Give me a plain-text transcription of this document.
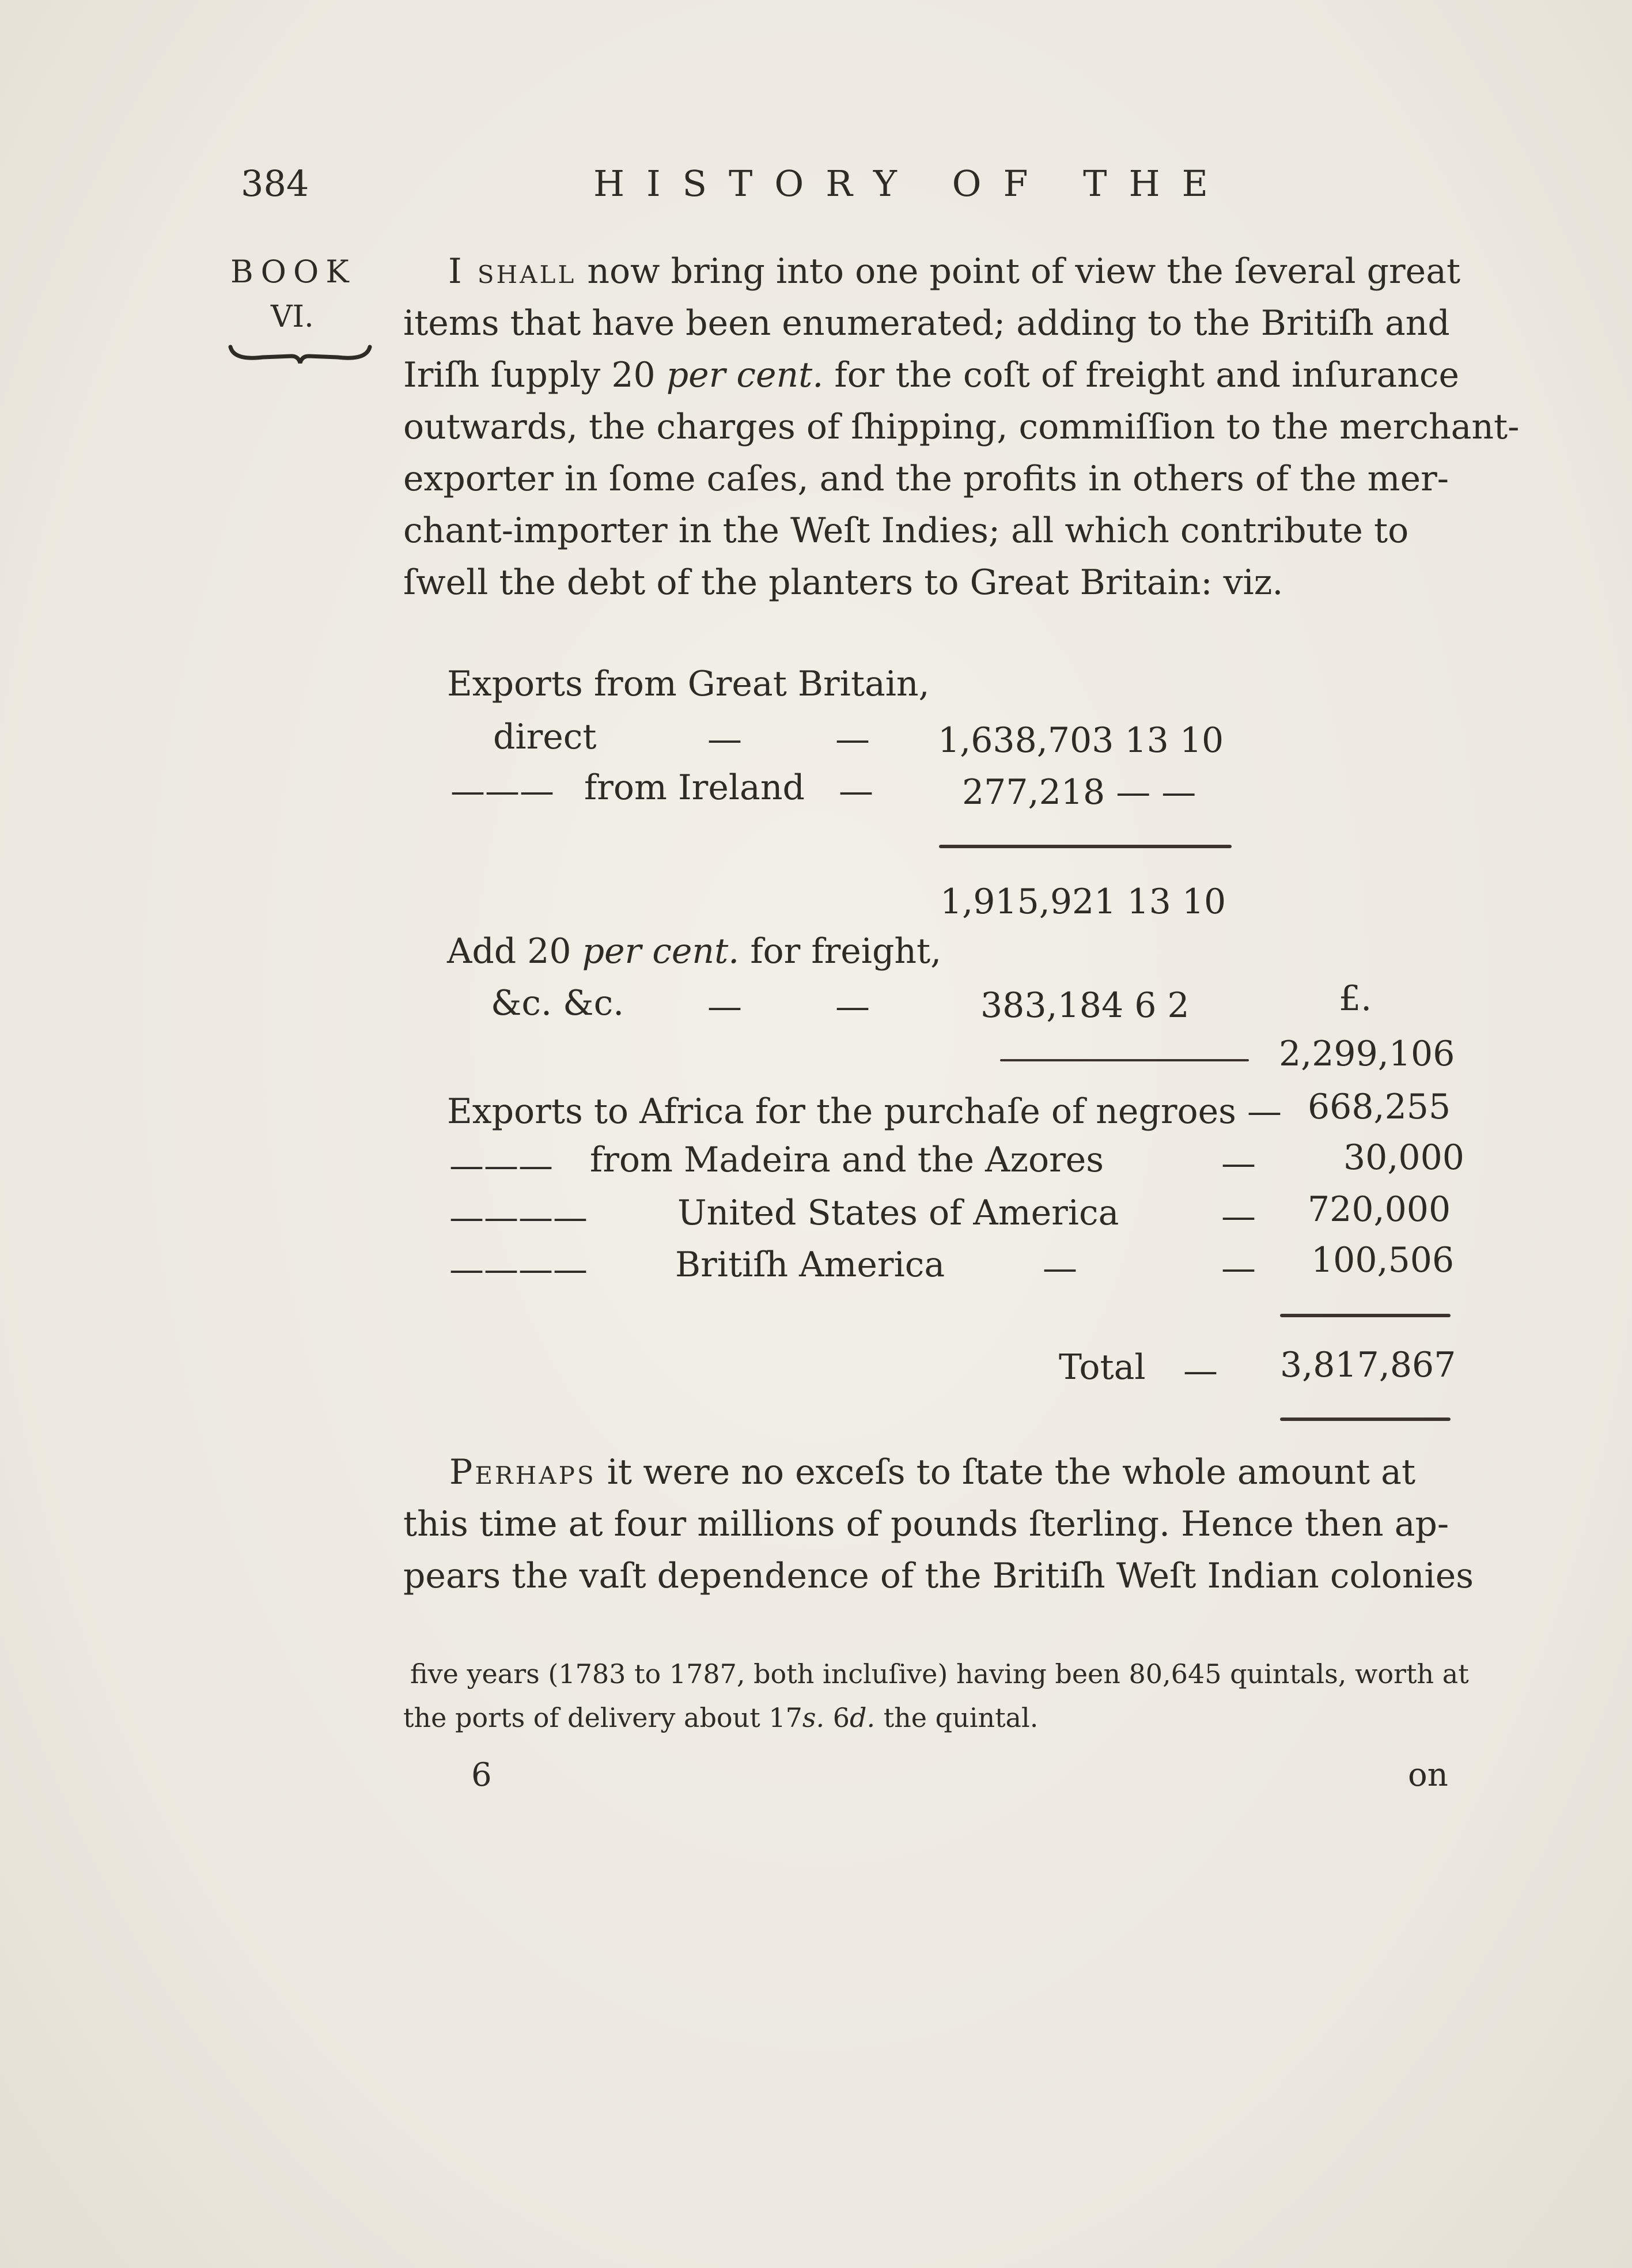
384	HISTORY OF THE
BOOK
VI.
I shall now bring into one point of view the ſeveral great
items that have been enumerated; adding to the Britiſh and
Iriſh ſupply 20 per cent. for the coſt of freight and inſurance
outwards, the charges of ſhipping, commiſſion to the merchant-
exporter in ſome caſes, and the profits in others of the mer-
chant-importer in the Weſt Indies; all which contribute to
ſwell the debt of the planters to Great Britain: viz.
Exports from Great Britain,
direct	—	— 1,638,703 13 10
——— from Ireland —	277,218 — —
1,915,921 13 10
Add 20 per cent. for freight,
&c. &c. —	—	383,184 6 2	£.
2,299,106
Exports to Africa for the purchaſe of negroes — 668,255
——— from Madeira and the Azores	—	30,000
————	United States of America	— 720,000
————	Britiſh America	—	— 100,506
Total — 3,817,867
Perhaps it were no exceſs to ſtate the whole amount at
this time at four millions of pounds ſterling. Hence then ap-
pears the vaſt dependence of the Britiſh Weſt Indian colonies
five years (1783 to 1787, both incluſive) having been 80,645 quintals, worth at
the ports of delivery about 17s. 6d. the quintal.
6	on
